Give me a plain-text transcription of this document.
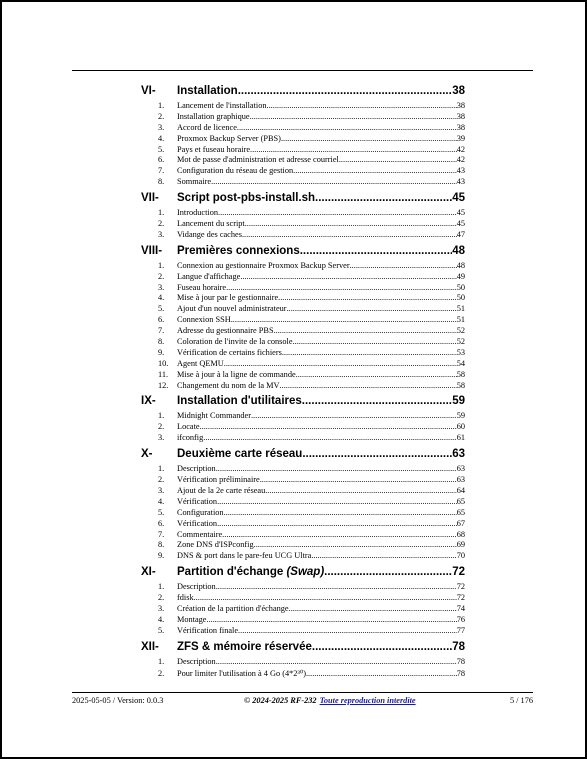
VI-	Installation .....	38
1.	Lancement de l'installation .....	38
2.	Installation graphique .....	38
3.	Accord de licence .....	38
4.	Proxmox Backup Server (PBS) .....	39
5.	Pays et fuseau horaire .....	42
6.	Mot de passe d'administration et adresse courriel .....	42
7.	Configuration du réseau de gestion .....	43
8.	Sommaire .....	43
VII-	Script post-pbs-install.sh .....	45
1.	Introduction .....	45
2.	Lancement du script .....	45
3.	Vidange des caches .....	47
VIII-	Premières connexions .....	48
1.	Connexion au gestionnaire Proxmox Backup Server .....	48
2.	Langue d'affichage .....	49
3.	Fuseau horaire .....	50
4.	Mise à jour par le gestionnaire .....	50
5.	Ajout d'un nouvel administrateur .....	51
6.	Connexion SSH .....	51
7.	Adresse du gestionnaire PBS .....	52
8.	Coloration de l'invite de la console .....	52
9.	Vérification de certains fichiers .....	53
10.	Agent QEMU .....	54
11.	Mise à jour à la ligne de commande .....	58
12.	Changement du nom de la MV .....	58
IX-	Installation d'utilitaires .....	59
1.	Midnight Commander .....	59
2.	Locate .....	60
3.	ifconfig .....	61
X-	Deuxième carte réseau .....	63
1.	Description .....	63
2.	Vérification préliminaire .....	63
3.	Ajout de la 2e carte réseau .....	64
4.	Vérification .....	65
5.	Configuration .....	65
6.	Vérification .....	67
7.	Commentaire .....	68
8.	Zone DNS d'ISPconfig .....	69
9.	DNS & port dans le pare-feu UCG Ultra .....	70
XI-	Partition d'échange (Swap) .....	72
1.	Description .....	72
2.	fdisk .....	72
3.	Création de la partition d'échange .....	74
4.	Montage .....	76
5.	Vérification finale .....	77
XII-	ZFS & mémoire réservée .....	78
1.	Description .....	78
2.	Pour limiter l'utilisation à 4 Go (4*2³⁰) .....	78
2025-05-05 / Version: 0.0.3	© 2024-2025 RF-232 Toute reproduction interdite	5 / 176
